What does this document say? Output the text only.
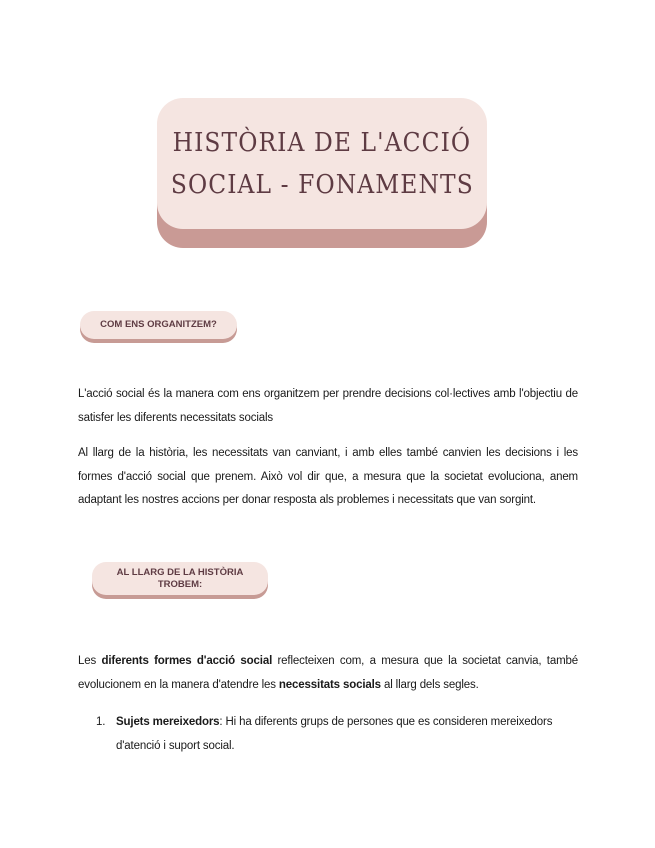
HISTÒRIA DE L'ACCIÓ
SOCIAL - FONAMENTS
COM ENS ORGANITZEM?
L'acció social és la manera com ens organitzem per prendre decisions col·lectives amb l'objectiu de satisfer les diferents necessitats socials
Al llarg de la història, les necessitats van canviant, i amb elles també canvien les decisions i les formes d'acció social que prenem. Això vol dir que, a mesura que la societat evoluciona, anem adaptant les nostres accions per donar resposta als problemes i necessitats que van sorgint.
AL LLARG DE LA HISTÒRIA
TROBEM:
Les diferents formes d'acció social reflecteixen com, a mesura que la societat canvia, també evolucionem en la manera d'atendre les necessitats socials al llarg dels segles.
1. Sujets mereixedors: Hi ha diferents grups de persones que es consideren mereixedors d'atenció i suport social.
